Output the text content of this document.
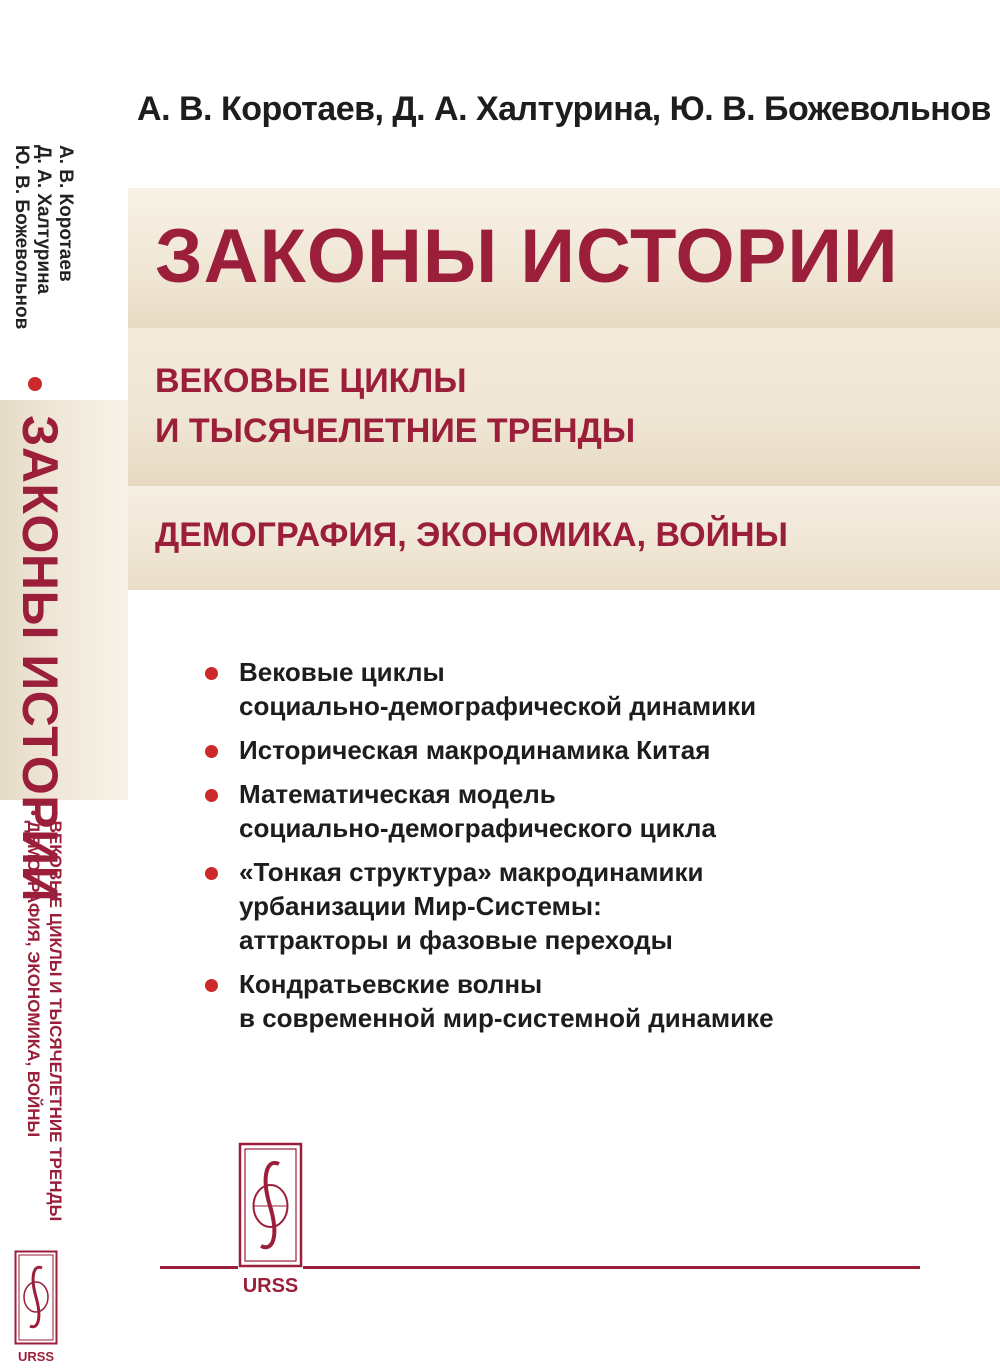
А. В. Коротаев
Д. А. Халтурина
Ю. В. Божевольнов
ЗАКОНЫ ИСТОРИИ
• ВЕКОВЫЕ ЦИКЛЫ И ТЫСЯЧЕЛЕТНИЕ ТРЕНДЫ
• ДЕМОГРАФИЯ, ЭКОНОМИКА, ВОЙНЫ
URSS
А. В. Коротаев, Д. А. Халтурина, Ю. В. Божевольнов
ЗАКОНЫ ИСТОРИИ
ВЕКОВЫЕ ЦИКЛЫ
И ТЫСЯЧЕЛЕТНИЕ ТРЕНДЫ
ДЕМОГРАФИЯ, ЭКОНОМИКА, ВОЙНЫ
Вековые циклы
социально-демографической динамики
Историческая макродинамика Китая
Математическая модель
социально-демографического цикла
«Тонкая структура» макродинамики
урбанизации Мир-Системы:
аттракторы и фазовые переходы
Кондратьевские волны
в современной мир-системной динамике
URSS
